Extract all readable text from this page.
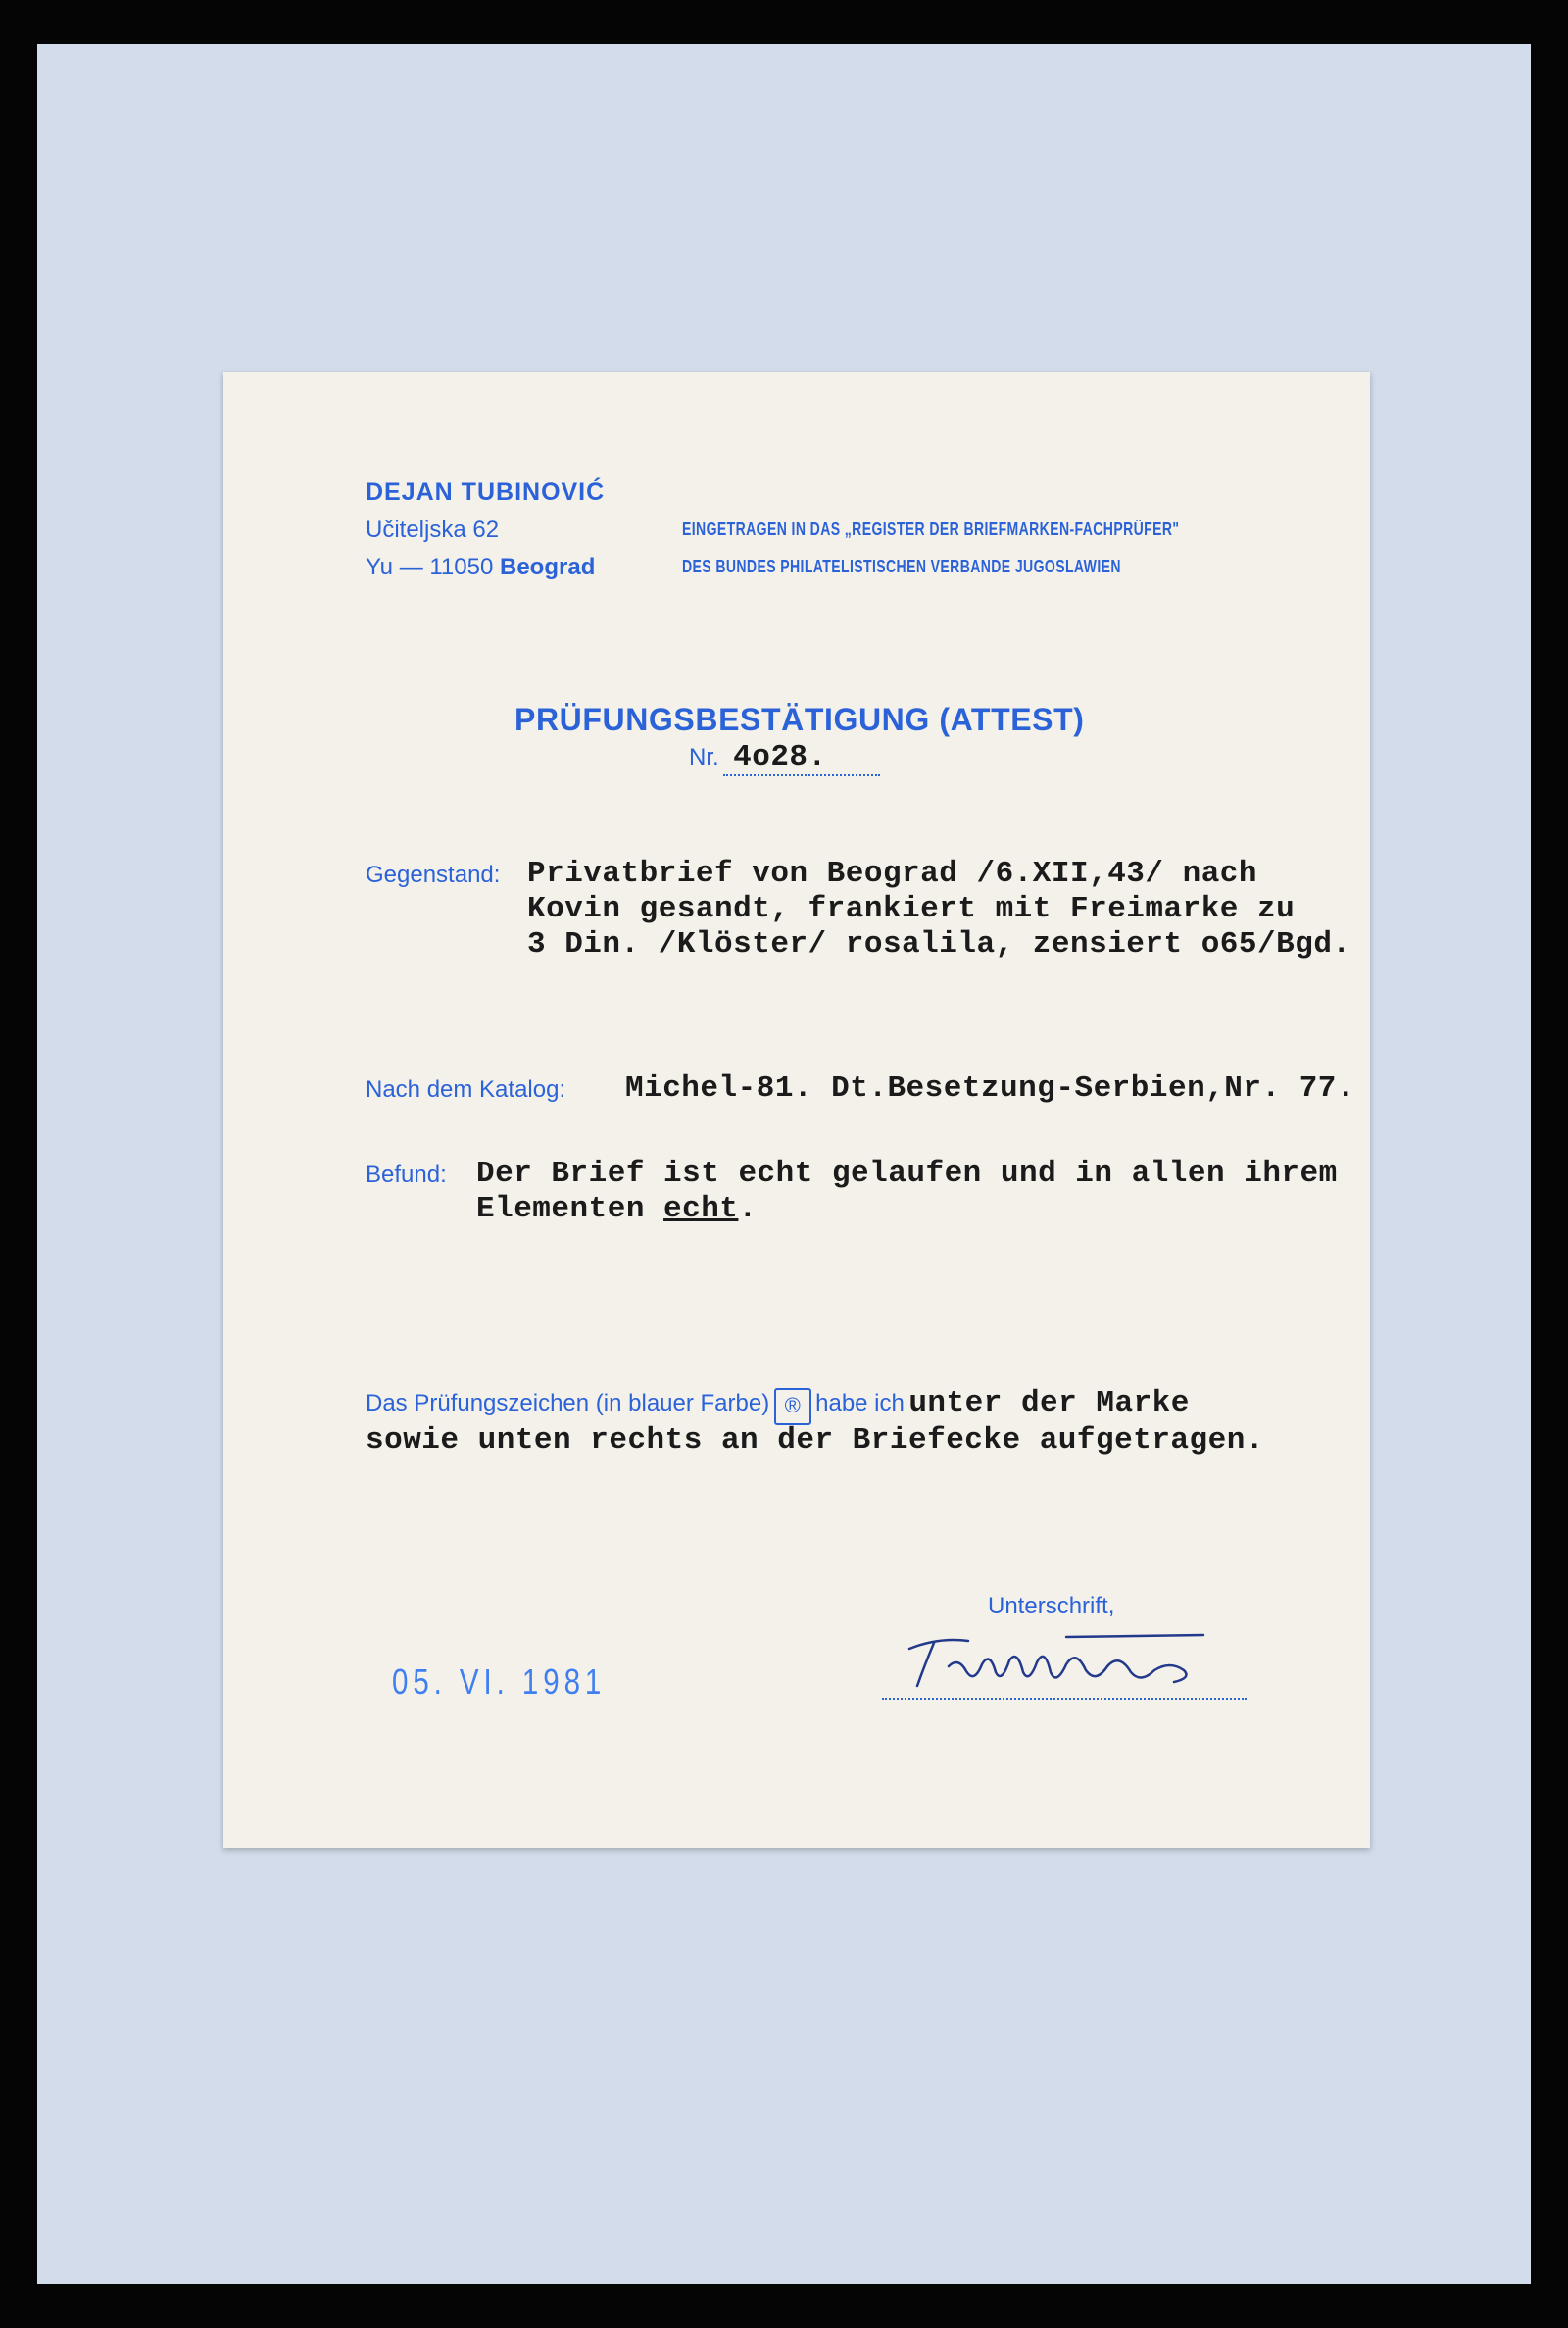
DEJAN TUBINOVIĆ
Učiteljska 62
Yu — 11050 Beograd
EINGETRAGEN IN DAS „REGISTER DER BRIEFMARKEN-FACHPRÜFER"
DES BUNDES PHILATELISTISCHEN VERBANDE JUGOSLAWIEN
PRÜFUNGSBESTÄTIGUNG (ATTEST)
Nr. 4o28.
Gegenstand: Privatbrief von Beograd /6.XII,43/ nach
Kovin gesandt, frankiert mit Freimarke zu
3 Din. /Klöster/ rosalila, zensiert o65/Bgd.
Nach dem Katalog: Michel-81. Dt.Besetzung-Serbien,Nr. 77.
Befund: Der Brief ist echt gelaufen und in allen ihrem
Elementen echt.
Das Prüfungszeichen (in blauer Farbe) ® habe ich unter der Marke
sowie unten rechts an der Briefecke aufgetragen.
Unterschrift,
05. VI. 1981
